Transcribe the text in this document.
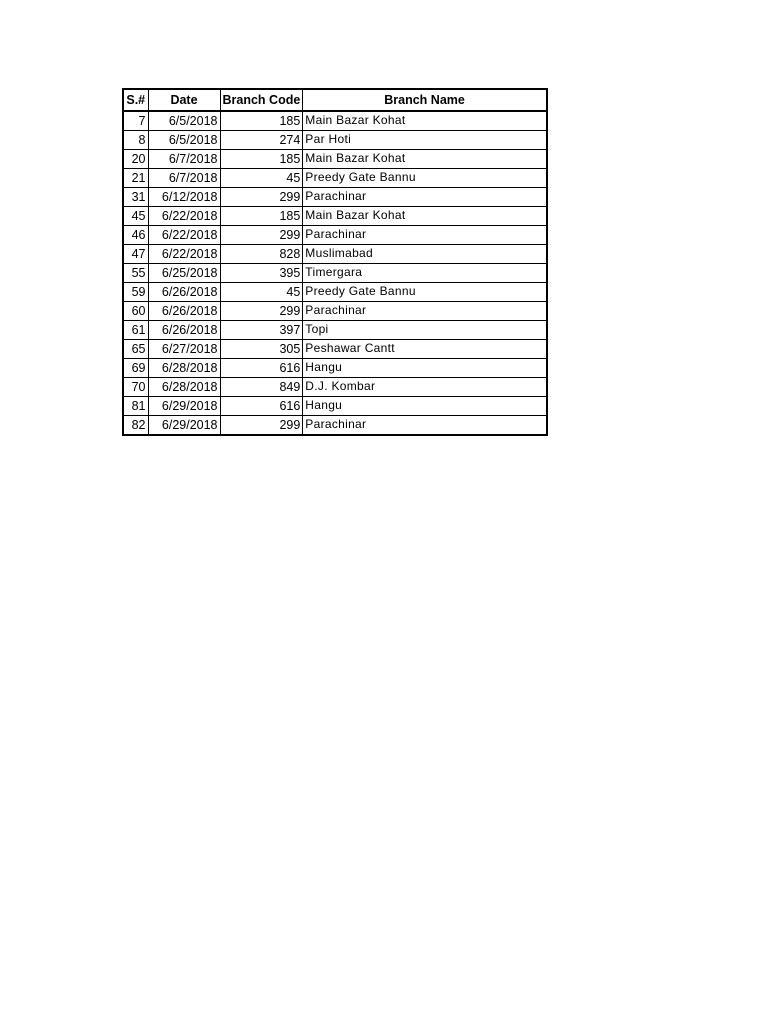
S.#	Date	Branch Code	Branch Name
7	6/5/2018	185	Main Bazar Kohat
8	6/5/2018	274	Par Hoti
20	6/7/2018	185	Main Bazar Kohat
21	6/7/2018	45	Preedy Gate Bannu
31	6/12/2018	299	Parachinar
45	6/22/2018	185	Main Bazar Kohat
46	6/22/2018	299	Parachinar
47	6/22/2018	828	Muslimabad
55	6/25/2018	395	Timergara
59	6/26/2018	45	Preedy Gate Bannu
60	6/26/2018	299	Parachinar
61	6/26/2018	397	Topi
65	6/27/2018	305	Peshawar Cantt
69	6/28/2018	616	Hangu
70	6/28/2018	849	D.J. Kombar
81	6/29/2018	616	Hangu
82	6/29/2018	299	Parachinar
